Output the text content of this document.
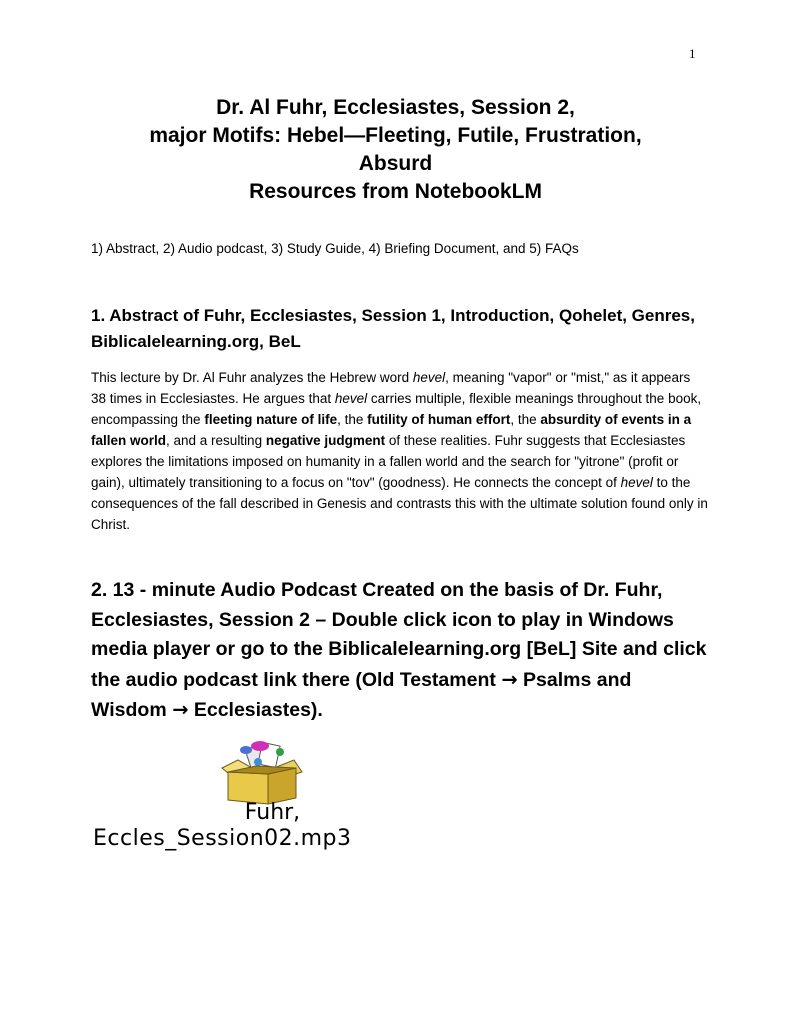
1
Dr. Al Fuhr, Ecclesiastes, Session 2,
major Motifs: Hebel—Fleeting, Futile, Frustration,
Absurd
Resources from NotebookLM
1) Abstract, 2) Audio podcast, 3) Study Guide, 4) Briefing Document, and 5) FAQs
1. Abstract of Fuhr, Ecclesiastes, Session 1, Introduction, Qohelet, Genres, Biblicalelearning.org, BeL
This lecture by Dr. Al Fuhr analyzes the Hebrew word hevel, meaning "vapor" or "mist," as it appears 38 times in Ecclesiastes. He argues that hevel carries multiple, flexible meanings throughout the book, encompassing the fleeting nature of life, the futility of human effort, the absurdity of events in a fallen world, and a resulting negative judgment of these realities. Fuhr suggests that Ecclesiastes explores the limitations imposed on humanity in a fallen world and the search for "yitrone" (profit or gain), ultimately transitioning to a focus on "tov" (goodness). He connects the concept of hevel to the consequences of the fall described in Genesis and contrasts this with the ultimate solution found only in Christ.
2. 13 - minute Audio Podcast Created on the basis of Dr. Fuhr, Ecclesiastes, Session 2 – Double click icon to play in Windows media player or go to the Biblicalelearning.org [BeL] Site and click the audio podcast link there (Old Testament → Psalms and Wisdom → Ecclesiastes).
Fuhr,
Eccles_Session02.mp3
